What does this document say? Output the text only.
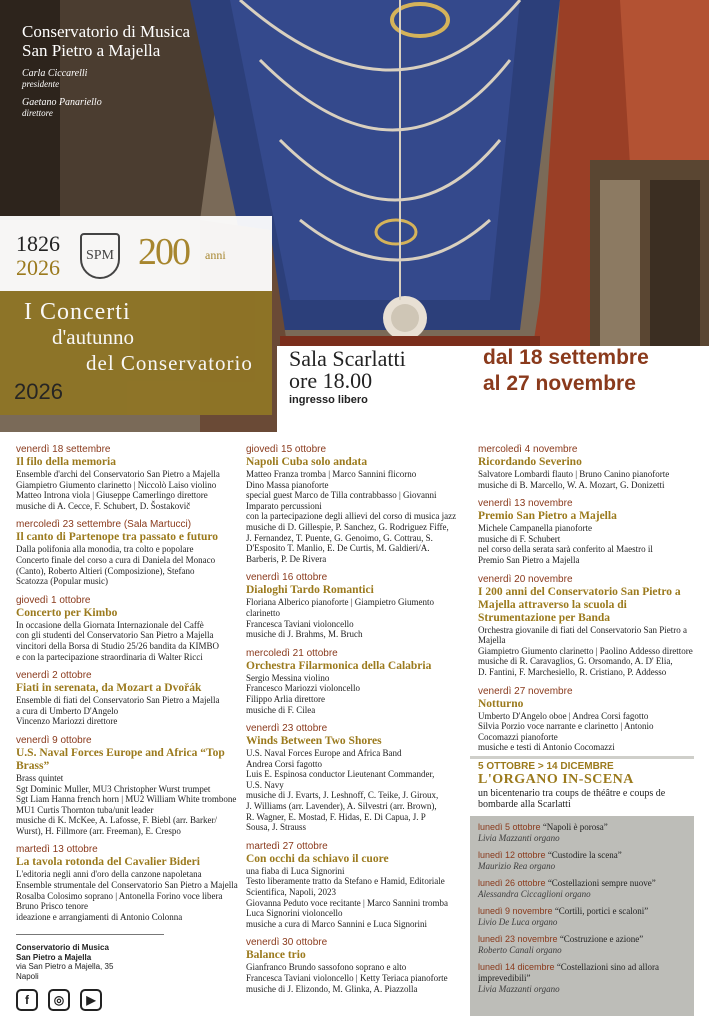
Conservatorio di Musica
San Pietro a Majella
Carla Ciccarelli
presidente
Gaetano Panariello
direttore
1826
2026	SPM 200 anni
I Concerti
d'autunno
del Conservatorio
2026
Sala Scarlatti
ore 18.00
ingresso libero
dal 18 settembre
al 27 novembre
venerdì 18 settembre
Il filo della memoria
Ensemble d'archi del Conservatorio San Pietro a Majella
Giampietro Giumento clarinetto | Niccolò Laiso violino
Matteo Introna viola | Giuseppe Camerlingo direttore
musiche di A. Cecce, F. Schubert, D. Šostakovič
mercoledì 23 settembre (Sala Martucci)
Il canto di Partenope tra passato e futuro
Dalla polifonia alla monodia, tra colto e popolare
Concerto finale del corso a cura di Daniela del Monaco
(Canto), Roberto Altieri (Composizione), Stefano
Scatozza (Popular music)
giovedì 1 ottobre
Concerto per Kimbo
In occasione della Giornata Internazionale del Caffè
con gli studenti del Conservatorio San Pietro a Majella
vincitori della Borsa di Studio 25/26 bandita da KIMBO
e con la partecipazione straordinaria di Walter Ricci
venerdì 2 ottobre
Fiati in serenata, da Mozart a Dvořák
Ensemble di fiati del Conservatorio San Pietro a Majella
a cura di Umberto D'Angelo
Vincenzo Mariozzi direttore
venerdì 9 ottobre
U.S. Naval Forces Europe and Africa “Top Brass”
Brass quintet
Sgt Dominic Muller, MU3 Christopher Wurst trumpet
Sgt Liam Hanna french horn | MU2 William White trombone
MU1 Curtis Thornton tuba/unit leader
musiche di K. McKee, A. Lafosse, F. Biebl (arr. Barker/
Wurst), H. Fillmore (arr. Freeman), E. Crespo
martedì 13 ottobre
La tavola rotonda del Cavalier Bideri
L'editoria negli anni d'oro della canzone napoletana
Ensemble strumentale del Conservatorio San Pietro a Majella
Rosalba Colosimo soprano | Antonella Forino voce libera
Bruno Prisco tenore
ideazione e arrangiamenti di Antonio Colonna
giovedì 15 ottobre
Napoli Cuba solo andata
Matteo Franza tromba | Marco Sannini flicorno
Dino Massa pianoforte
special guest Marco de Tilla contrabbasso | Giovanni
Imparato percussioni
con la partecipazione degli allievi del corso di musica jazz
musiche di D. Gillespie, P. Sanchez, G. Rodriguez Fiffe,
J. Fernandez, T. Puente, G. Genoimo, G. Cottrau, S.
D'Esposito T. Manlio, E. De Curtis, M. Galdieri/A.
Barberis, P. De Rivera
venerdì 16 ottobre
Dialoghi Tardo Romantici
Floriana Alberico pianoforte | Giampietro Giumento clarinetto
Francesca Taviani violoncello
musiche di J. Brahms, M. Bruch
mercoledì 21 ottobre
Orchestra Filarmonica della Calabria
Sergio Messina violino
Francesco Mariozzi violoncello
Filippo Arlia direttore
musiche di F. Cilea
venerdì 23 ottobre
Winds Between Two Shores
U.S. Naval Forces Europe and Africa Band
Andrea Corsi fagotto
Luis E. Espinosa conductor Lieutenant Commander,
U.S. Navy
musiche di J. Evarts, J. Leshnoff, C. Teike, J. Giroux,
J. Williams (arr. Lavender), A. Silvestri (arr. Brown),
R. Wagner, E. Mostad, F. Hidas, E. Di Capua, J. P
Sousa, J. Strauss
martedì 27 ottobre
Con occhi da schiavo il cuore
una fiaba di Luca Signorini
Testo liberamente tratto da Stefano e Hamid, Editoriale
Scientifica, Napoli, 2023
Giovanna Peduto voce recitante | Marco Sannini tromba
Luca Signorini violoncello
musiche a cura di Marco Sannini e Luca Signorini
venerdì 30 ottobre
Balance trio
Gianfranco Brundo sassofono soprano e alto
Francesca Taviani violoncello | Ketty Teriaca pianoforte
musiche di J. Elizondo, M. Glinka, A. Piazzolla
mercoledì 4 novembre
Ricordando Severino
Salvatore Lombardi flauto | Bruno Canino pianoforte
musiche di B. Marcello, W. A. Mozart, G. Donizetti
venerdì 13 novembre
Premio San Pietro a Majella
Michele Campanella pianoforte
musiche di F. Schubert
nel corso della serata sarà conferito al Maestro il
Premio San Pietro a Majella
venerdì 20 novembre
I 200 anni del Conservatorio San Pietro a Majella attraverso la scuola di Strumentazione per Banda
Orchestra giovanile di fiati del Conservatorio San Pietro a Majella
Giampietro Giumento clarinetto | Paolino Addesso direttore
musiche di R. Caravaglios, G. Orsomando, A. D' Elia,
D. Fantini, F. Marchesiello, R. Cristiano, P. Addesso
venerdì 27 novembre
Notturno
Umberto D'Angelo oboe | Andrea Corsi fagotto
Silvia Porzio voce narrante e clarinetto | Antonio
Cocomazzi pianoforte
musiche e testi di Antonio Cocomazzi
5 OTTOBRE > 14 DICEMBRE
L'ORGANO IN-SCENA
un bicentenario tra coups de théâtre e coups de bombarde alla Scarlatti
lunedì 5 ottobre “Napoli è porosa”
Livia Mazzanti organo
lunedì 12 ottobre “Custodire la scena”
Maurizio Rea organo
lunedì 26 ottobre “Costellazioni sempre nuove”
Alessandra Ciccaglioni organo
lunedì 9 novembre “Cortili, portici e scaloni”
Livio De Luca organo
lunedì 23 novembre “Costruzione e azione”
Roberto Canali organo
lunedì 14 dicembre “Costellazioni sino ad allora imprevedibili”
Livia Mazzanti organo
Conservatorio di Musica
San Pietro a Majella
via San Pietro a Majella, 35
Napoli
f	◎	▶
